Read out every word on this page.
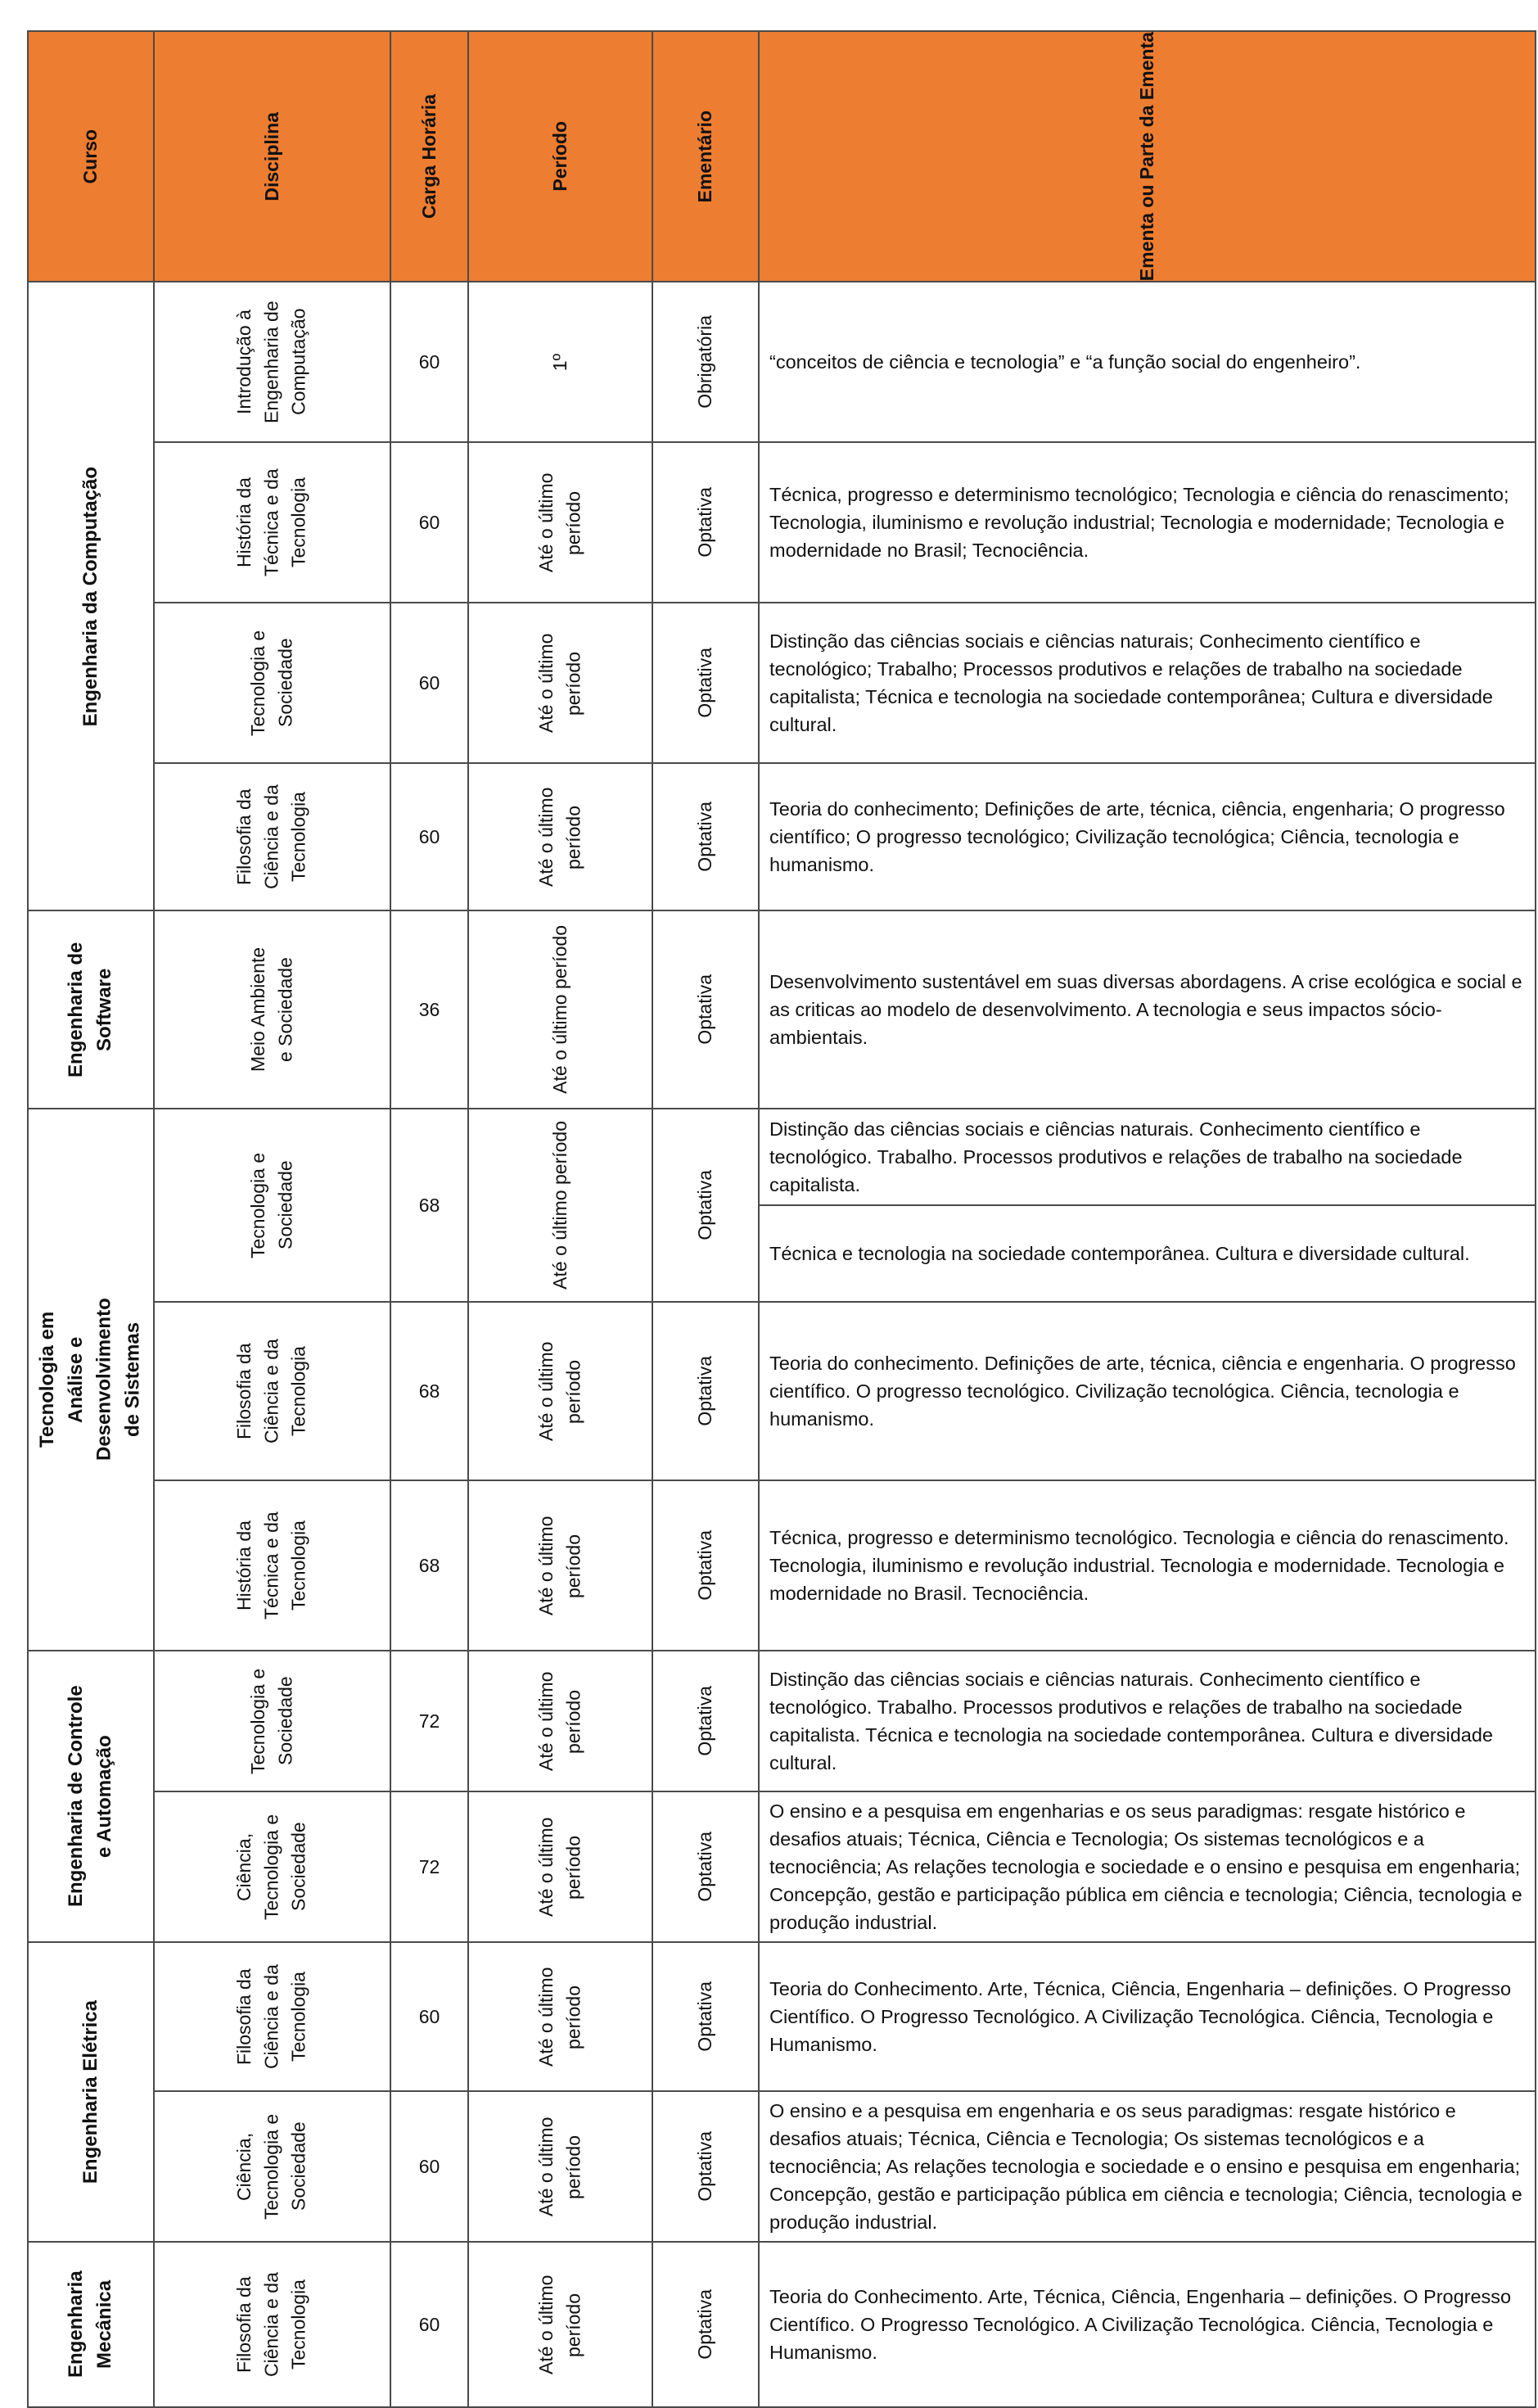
Curso	Disciplina	Carga Horária	Período	Ementário	Ementa ou Parte da Ementa

Engenharia da Computação	Introdução à Engenharia de Computação	60	1º	Obrigatória	“conceitos de ciência e tecnologia” e “a função social do engenheiro”.

	História da Técnica e da Tecnologia	60	Até o último período	Optativa	Técnica, progresso e determinismo tecnológico; Tecnologia e ciência do renascimento; Tecnologia, iluminismo e revolução industrial; Tecnologia e modernidade; Tecnologia e modernidade no Brasil; Tecnociência.

	Tecnologia e Sociedade	60	Até o último período	Optativa	Distinção das ciências sociais e ciências naturais; Conhecimento científico e tecnológico; Trabalho; Processos produtivos e relações de trabalho na sociedade capitalista; Técnica e tecnologia na sociedade contemporânea; Cultura e diversidade cultural.

	Filosofia da Ciência e da Tecnologia	60	Até o último período	Optativa	Teoria do conhecimento; Definições de arte, técnica, ciência, engenharia; O progresso científico; O progresso tecnológico; Civilização tecnológica; Ciência, tecnologia e humanismo.

Engenharia de Software	Meio Ambiente e Sociedade	36	Até o último período	Optativa	Desenvolvimento sustentável em suas diversas abordagens. A crise ecológica e social e as criticas ao modelo de desenvolvimento. A tecnologia e seus impactos sócio-ambientais.

Tecnologia em Análise e Desenvolvimento de Sistemas	Tecnologia e Sociedade	68	Até o último período	Optativa	Distinção das ciências sociais e ciências naturais. Conhecimento científico e tecnológico. Trabalho. Processos produtivos e relações de trabalho na sociedade capitalista.
					Técnica e tecnologia na sociedade contemporânea. Cultura e diversidade cultural.

	Filosofia da Ciência e da Tecnologia	68	Até o último período	Optativa	Teoria do conhecimento. Definições de arte, técnica, ciência e engenharia. O progresso científico. O progresso tecnológico. Civilização tecnológica. Ciência, tecnologia e humanismo.

	História da Técnica e da Tecnologia	68	Até o último período	Optativa	Técnica, progresso e determinismo tecnológico. Tecnologia e ciência do renascimento. Tecnologia, iluminismo e revolução industrial. Tecnologia e modernidade. Tecnologia e modernidade no Brasil. Tecnociência.

Engenharia de Controle e Automação	Tecnologia e Sociedade	72	Até o último período	Optativa	Distinção das ciências sociais e ciências naturais. Conhecimento científico e tecnológico. Trabalho. Processos produtivos e relações de trabalho na sociedade capitalista. Técnica e tecnologia na sociedade contemporânea. Cultura e diversidade cultural.

	Ciência, Tecnologia e Sociedade	72	Até o último período	Optativa	O ensino e a pesquisa em engenharias e os seus paradigmas: resgate histórico e desafios atuais; Técnica, Ciência e Tecnologia; Os sistemas tecnológicos e a tecnociência; As relações tecnologia e sociedade e o ensino e pesquisa em engenharia; Concepção, gestão e participação pública em ciência e tecnologia; Ciência, tecnologia e produção industrial.

Engenharia Elétrica	Filosofia da Ciência e da Tecnologia	60	Até o último período	Optativa	Teoria do Conhecimento. Arte, Técnica, Ciência, Engenharia – definições. O Progresso Científico. O Progresso Tecnológico. A Civilização Tecnológica. Ciência, Tecnologia e Humanismo.

	Ciência, Tecnologia e Sociedade	60	Até o último período	Optativa	O ensino e a pesquisa em engenharia e os seus paradigmas: resgate histórico e desafios atuais; Técnica, Ciência e Tecnologia; Os sistemas tecnológicos e a tecnociência; As relações tecnologia e sociedade e o ensino e pesquisa em engenharia; Concepção, gestão e participação pública em ciência e tecnologia; Ciência, tecnologia e produção industrial.

Engenharia Mecânica	Filosofia da Ciência e da Tecnologia	60	Até o último período	Optativa	Teoria do Conhecimento. Arte, Técnica, Ciência, Engenharia – definições. O Progresso Científico. O Progresso Tecnológico. A Civilização Tecnológica. Ciência, Tecnologia e Humanismo.
